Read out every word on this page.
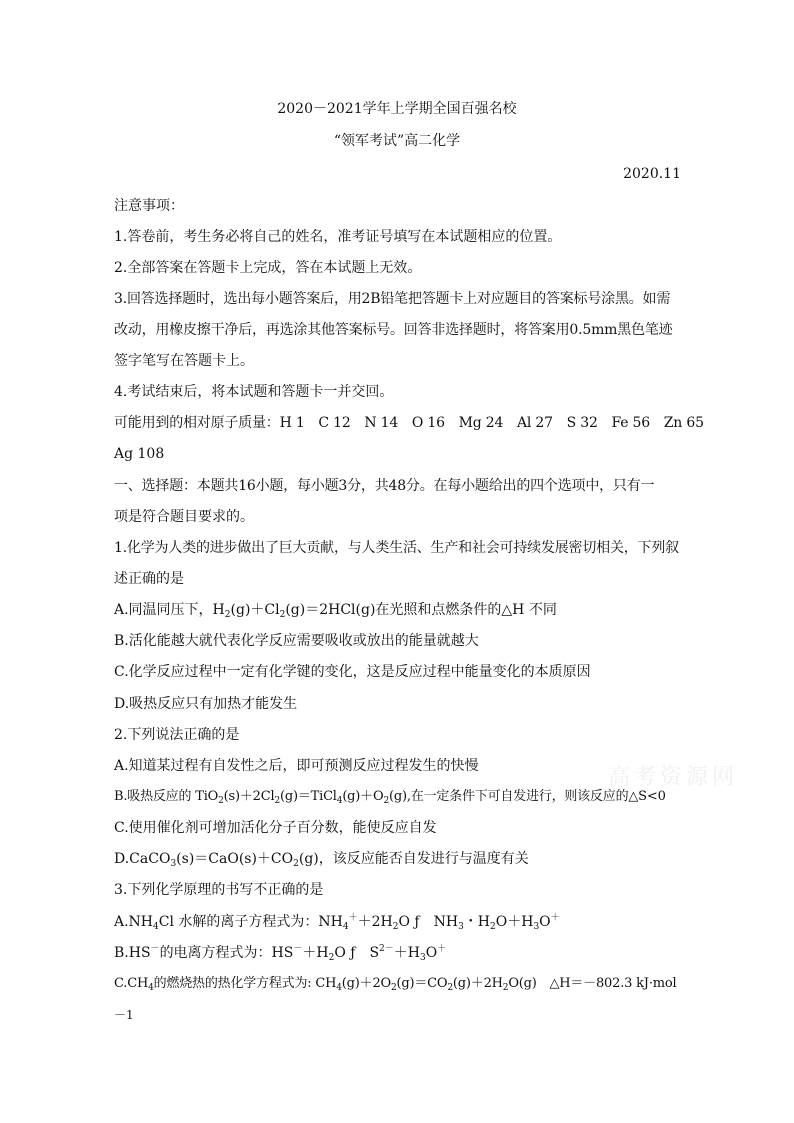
2020－2021学年上学期全国百强名校
“领军考试”高二化学
2020.11
注意事项：
1.答卷前，考生务必将自己的姓名，准考证号填写在本试题相应的位置。
2.全部答案在答题卡上完成，答在本试题上无效。
3.回答选择题时，选出每小题答案后，用2B铅笔把答题卡上对应题目的答案标号涂黑。如需
改动，用橡皮擦干净后，再选涂其他答案标号。回答非选择题时，将答案用0.5mm黑色笔迹
签字笔写在答题卡上。
4.考试结束后，将本试题和答题卡一并交回。
可能用到的相对原子质量：H 1　C 12　N 14　O 16　Mg 24　Al 27　S 32　Fe 56　Zn 65
Ag 108
一、选择题：本题共16小题，每小题3分，共48分。在每小题给出的四个选项中，只有一
项是符合题目要求的。
1.化学为人类的进步做出了巨大贡献，与人类生活、生产和社会可持续发展密切相关，下列叙
述正确的是
A.同温同压下，$H_2(g)+Cl_2(g)=2HCl(g)$在光照和点燃条件的△H 不同
B.活化能越大就代表化学反应需要吸收或放出的能量就越大
C.化学反应过程中一定有化学键的变化，这是反应过程中能量变化的本质原因
D.吸热反应只有加热才能发生
2.下列说法正确的是
A.知道某过程有自发性之后，即可预测反应过程发生的快慢
B.吸热反应的 $TiO_2(s)+2Cl_2(g)=TiCl_4(g)+O_2(g)$,在一定条件下可自发进行，则该反应的△S<0
C.使用催化剂可增加活化分子百分数，能使反应自发
$D.CaCO_3(s)=CaO(s)+CO_2(g)$，该反应能否自发进行与温度有关
3.下列化学原理的书写不正确的是
$A.NH_4Cl$ 水解的离子方程式为：$NH_4^++2H_2O$ ƒ　$NH_3$・$H_2O+H_3O^+$
B.HS－的电离方程式为：$HS^-+H_2O$ ƒ　$S^{2-}+H_3O^+$
$C.CH_4$的燃烧热的热化学方程式为: $CH_4(g)+2O_2(g)=CO_2(g)+2H_2O(g)$　△H＝－802.3 kJ·mol
－1
高考资源网
